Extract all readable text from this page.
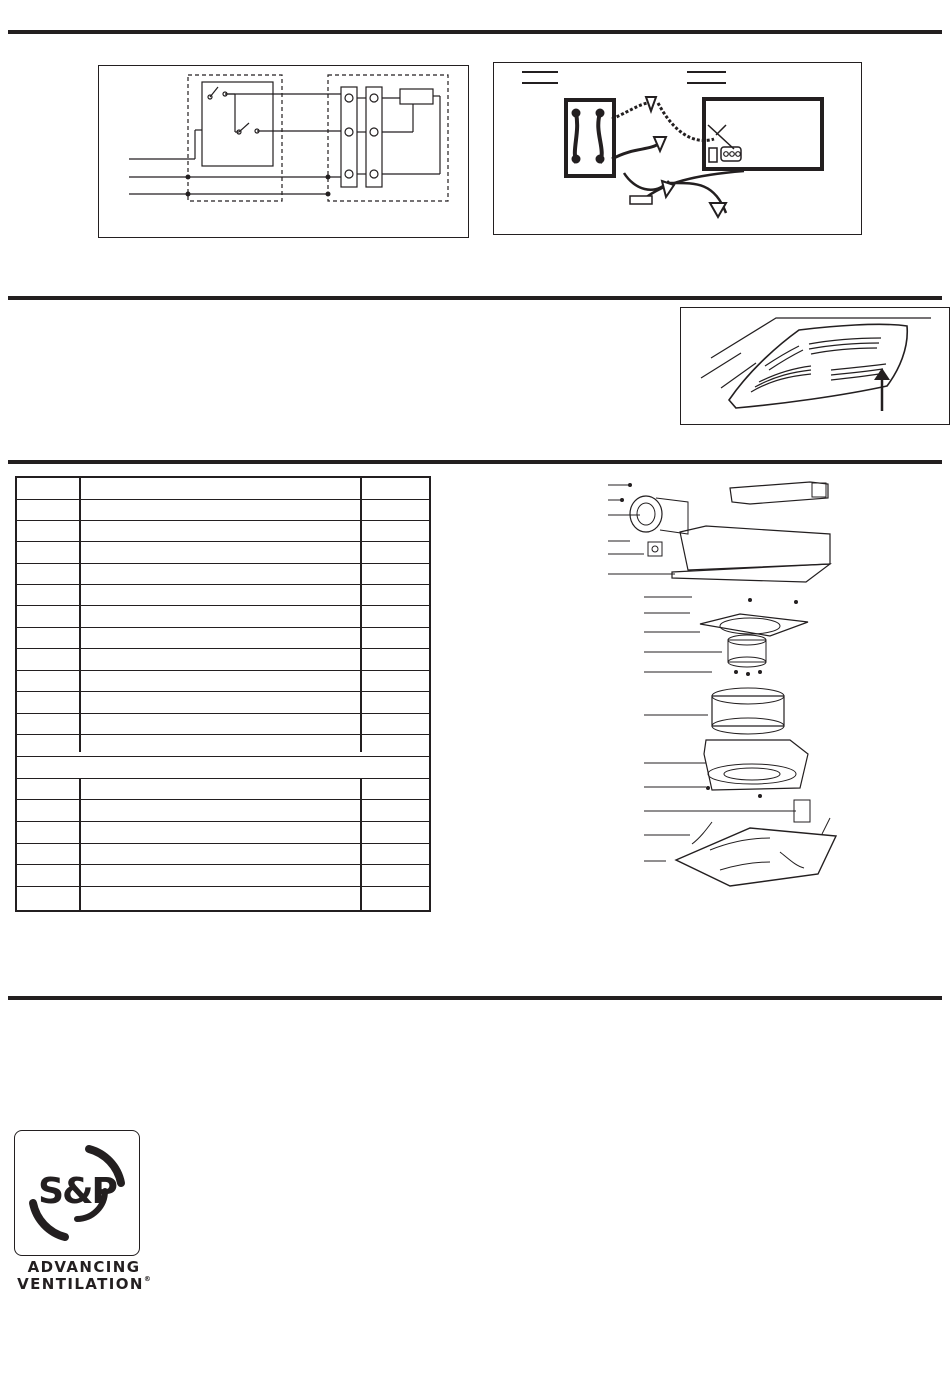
S&P
ADVANCING
VENTILATION®
